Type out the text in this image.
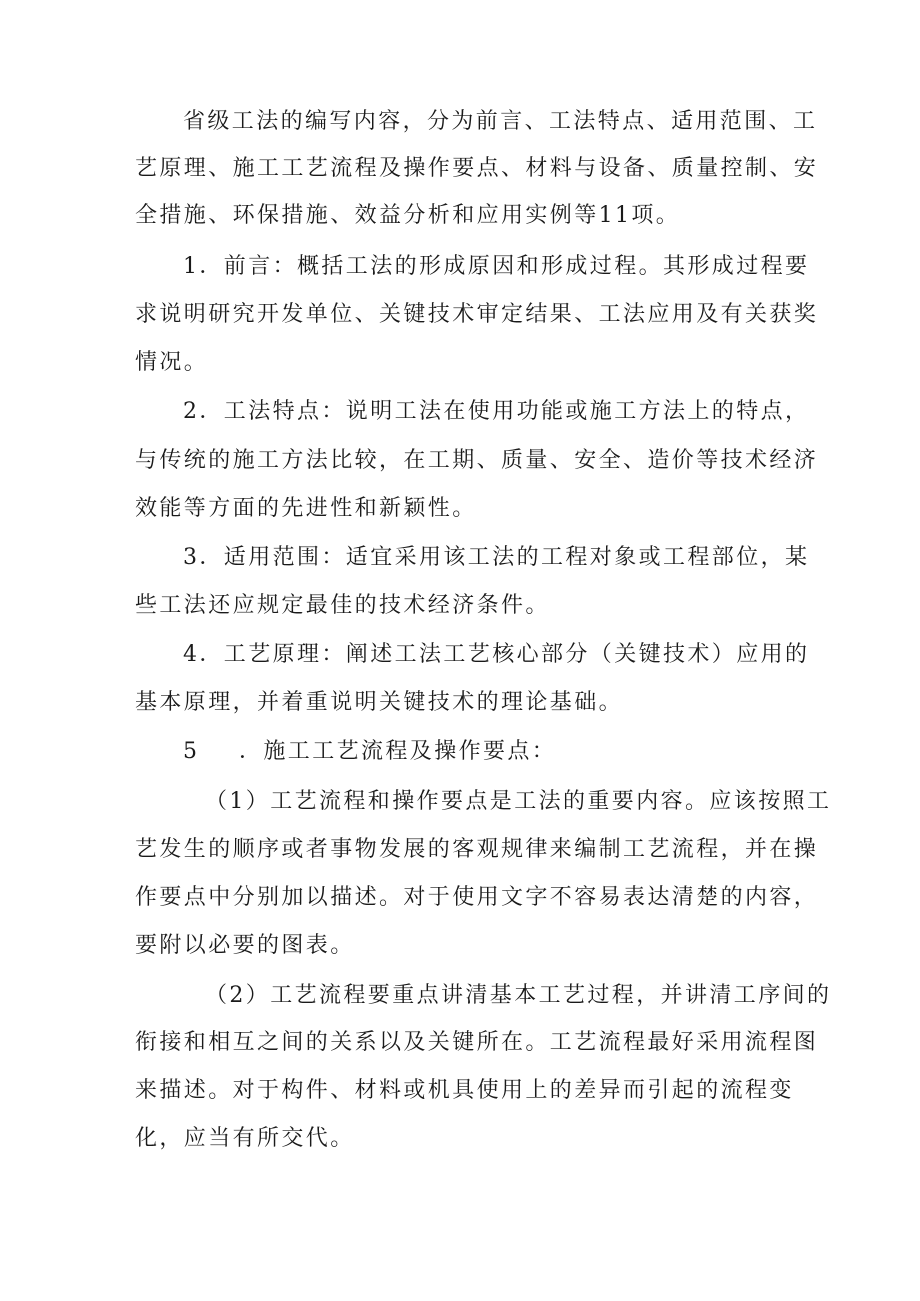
省级工法的编写内容，分为前言、工法特点、适用范围、工
艺原理、施工工艺流程及操作要点、材料与设备、质量控制、安
全措施、环保措施、效益分析和应用实例等11项。
1．前言：概括工法的形成原因和形成过程。其形成过程要
求说明研究开发单位、关键技术审定结果、工法应用及有关获奖
情况。
2．工法特点：说明工法在使用功能或施工方法上的特点，
与传统的施工方法比较，在工期、质量、安全、造价等技术经济
效能等方面的先进性和新颖性。
3．适用范围：适宜采用该工法的工程对象或工程部位，某
些工法还应规定最佳的技术经济条件。
4．工艺原理：阐述工法工艺核心部分（关键技术）应用的
基本原理，并着重说明关键技术的理论基础。
5 ．施工工艺流程及操作要点：
（1）工艺流程和操作要点是工法的重要内容。应该按照工
艺发生的顺序或者事物发展的客观规律来编制工艺流程，并在操
作要点中分别加以描述。对于使用文字不容易表达清楚的内容，
要附以必要的图表。
（2）工艺流程要重点讲清基本工艺过程，并讲清工序间的
衔接和相互之间的关系以及关键所在。工艺流程最好采用流程图
来描述。对于构件、材料或机具使用上的差异而引起的流程变
化，应当有所交代。
